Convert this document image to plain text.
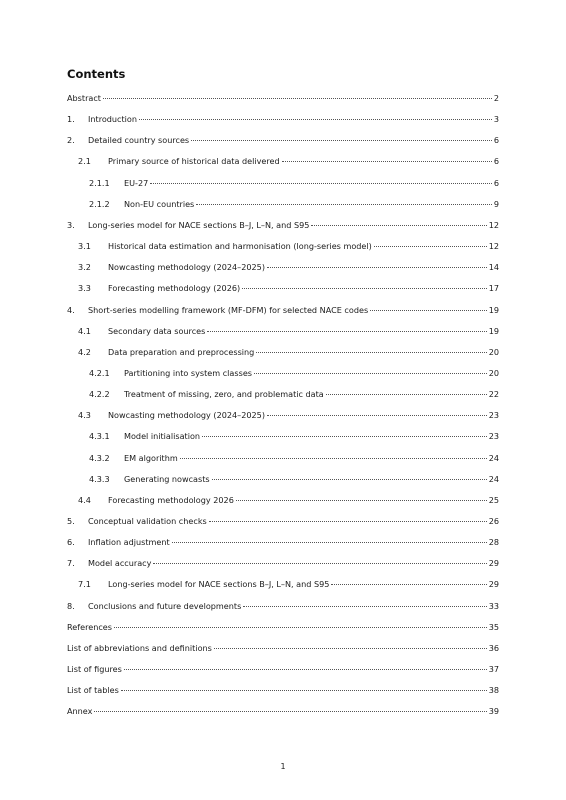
Contents
Abstract	2
1.	Introduction	3
2.	Detailed country sources	6
2.1	Primary source of historical data delivered	6
2.1.1	EU-27	6
2.1.2	Non-EU countries	9
3.	Long-series model for NACE sections B–J, L–N, and S95	12
3.1	Historical data estimation and harmonisation (long-series model)	12
3.2	Nowcasting methodology (2024–2025)	14
3.3	Forecasting methodology (2026)	17
4.	Short-series modelling framework (MF-DFM) for selected NACE codes	19
4.1	Secondary data sources	19
4.2	Data preparation and preprocessing	20
4.2.1	Partitioning into system classes	20
4.2.2	Treatment of missing, zero, and problematic data	22
4.3	Nowcasting methodology (2024–2025)	23
4.3.1	Model initialisation	23
4.3.2	EM algorithm	24
4.3.3	Generating nowcasts	24
4.4	Forecasting methodology 2026	25
5.	Conceptual validation checks	26
6.	Inflation adjustment	28
7.	Model accuracy	29
7.1	Long-series model for NACE sections B–J, L–N, and S95	29
8.	Conclusions and future developments	33
References	35
List of abbreviations and definitions	36
List of figures	37
List of tables	38
Annex	39
1
